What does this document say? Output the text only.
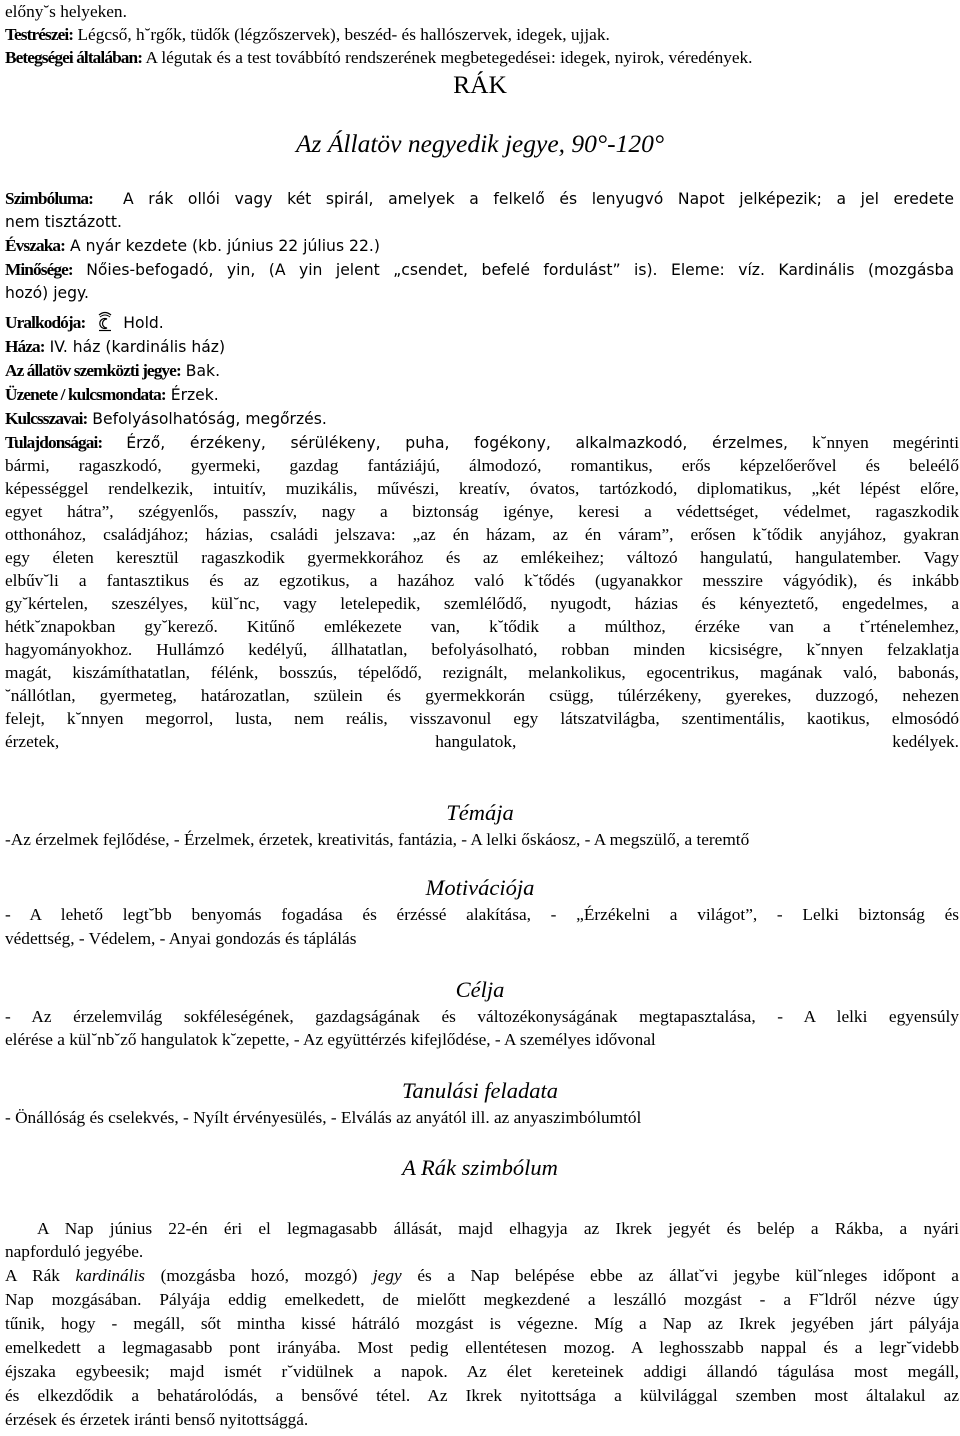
előny˘s helyeken.

Testrészei: Légcső, h˘rgők, tüdők (légzőszervek), beszéd- és hallószervek, idegek, ujjak.

Betegségei általában: A légutak és a test továbbító rendszerének megbetegedései: idegek, nyirok, véredények.

RÁK

Az Állatöv negyedik jegye, 90°-120°

Szimbóluma: A rák ollói vagy két spirál, amelyek a felkelő és lenyugvó Napot jelképezik; a jel eredete

nem tisztázott.

Évszaka: A nyár kezdete (kb. június 22 július 22.)

Minősége: Nőies-befogadó, yin, (A yin jelent „csendet, befelé fordulást” is). Eleme: víz. Kardinális (mozgásba

hozó) jegy.

Uralkodója: Hold.

Háza: IV. ház (kardinális ház)

Az állatöv szemközti jegye: Bak.

Üzenete / kulcsmondata: Érzek.

Kulcsszavai: Befolyásolhatóság, megőrzés.

Tulajdonságai: Érző, érzékeny, sérülékeny, puha, fogékony, alkalmazkodó, érzelmes, k˘nnyen megérinti

bármi, ragaszkodó, gyermeki, gazdag fantáziájú, álmodozó, romantikus, erős képzelőerővel és beleélő

képességgel rendelkezik, intuitív, muzikális, művészi, kreatív, óvatos, tartózkodó, diplomatikus, „két lépést előre,

egyet hátra”, szégyenlős, passzív, nagy a biztonság igénye, keresi a védettséget, védelmet, ragaszkodik

otthonához, családjához; házias, családi jelszava: „az én házam, az én váram”, erősen k˘tődik anyjához, gyakran

egy életen keresztül ragaszkodik gyermekkorához és az emlékeihez; változó hangulatú, hangulatember. Vagy

elbűv˘li a fantasztikus és az egzotikus, a hazához való k˘tődés (ugyanakkor messzire vágyódik), és inkább

gy˘kértelen, szeszélyes, kül˘nc, vagy letelepedik, szemlélődő, nyugodt, házias és kényeztető, engedelmes, a

hétk˘znapokban gy˘kerező. Kitűnő emlékezete van, k˘tődik a múlthoz, érzéke van a t˘rténelemhez,

hagyományokhoz. Hullámzó kedélyű, állhatatlan, befolyásolható, robban minden kicsiségre, k˘nnyen felzaklatja

magát, kiszámíthatatlan, félénk, bosszús, tépelődő, rezignált, melankolikus, egocentrikus, magának való, babonás,

˘nállótlan, gyermeteg, határozatlan, szülein és gyermekkorán csügg, túlérzékeny, gyerekes, duzzogó, nehezen

felejt, k˘nnyen megorrol, lusta, nem reális, visszavonul egy látszatvilágba, szentimentális, kaotikus, elmosódó

érzetek, hangulatok, kedélyek.

Témája

-Az érzelmek fejlődése, - Érzelmek, érzetek, kreativitás, fantázia, - A lelki őskáosz, - A megszülő, a teremtő

Motivációja

- A lehető legt˘bb benyomás fogadása és érzéssé alakítása, - „Érzékelni a világot”, - Lelki biztonság és

védettség, - Védelem, - Anyai gondozás és táplálás

Célja

- Az érzelemvilág sokféleségének, gazdagságának és változékonyságának megtapasztalása, - A lelki egyensúly

elérése a kül˘nb˘ző hangulatok k˘zepette, - Az együttérzés kifejlődése, - A személyes idővonal

Tanulási feladata

- Önállóság és cselekvés, - Nyílt érvényesülés, - Elválás az anyától ill. az anyaszimbólumtól

A Rák szimbólum

A Nap június 22-én éri el legmagasabb állását, majd elhagyja az Ikrek jegyét és belép a Rákba, a nyári

napforduló jegyébe.

A Rák kardinális (mozgásba hozó, mozgó) jegy és a Nap belépése ebbe az állat˘vi jegybe kül˘nleges időpont a

Nap mozgásában. Pályája eddig emelkedett, de mielőtt megkezdené a leszálló mozgást - a F˘ldről nézve úgy

tűnik, hogy - megáll, sőt mintha kissé hátráló mozgást is végezne. Míg a Nap az Ikrek jegyében járt pályája

emelkedett a legmagasabb pont irányába. Most pedig ellentétesen mozog. A leghosszabb nappal és a legr˘videbb

éjszaka egybeesik; majd ismét r˘vidülnek a napok. Az élet kereteinek addigi állandó tágulása most megáll,

és elkezdődik a behatárolódás, a bensővé tétel. Az Ikrek nyitottsága a külvilággal szemben most általakul az

érzések és érzetek iránti benső nyitottsággá.
